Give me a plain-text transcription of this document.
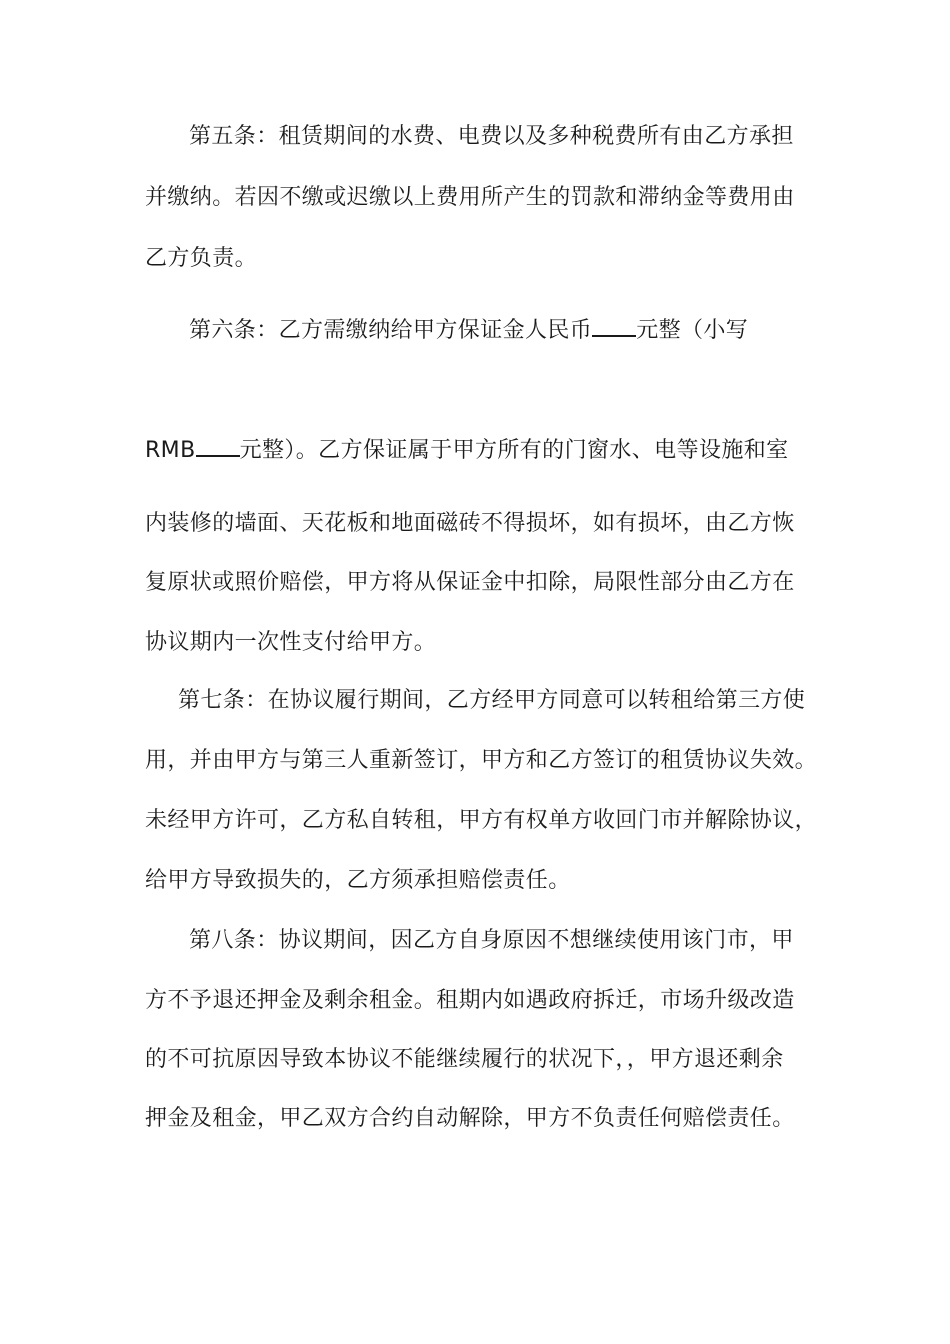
第五条：租赁期间的水费、电费以及多种税费所有由乙方承担
并缴纳。若因不缴或迟缴以上费用所产生的罚款和滞纳金等费用由
乙方负责。
第六条：乙方需缴纳给甲方保证金人民币 元整（小写
RMB 元整）。乙方保证属于甲方所有的门窗水、电等设施和室
内装修的墙面、天花板和地面磁砖不得损坏，如有损坏，由乙方恢
复原状或照价赔偿，甲方将从保证金中扣除，局限性部分由乙方在
协议期内一次性支付给甲方。
第七条：在协议履行期间，乙方经甲方同意可以转租给第三方使
用，并由甲方与第三人重新签订，甲方和乙方签订的租赁协议失效。
未经甲方许可，乙方私自转租，甲方有权单方收回门市并解除协议，
给甲方导致损失的，乙方须承担赔偿责任。
第八条：协议期间，因乙方自身原因不想继续使用该门市，甲
方不予退还押金及剩余租金。租期内如遇政府拆迁，市场升级改造
的不可抗原因导致本协议不能继续履行的状况下，，甲方退还剩余
押金及租金，甲乙双方合约自动解除，甲方不负责任何赔偿责任。
